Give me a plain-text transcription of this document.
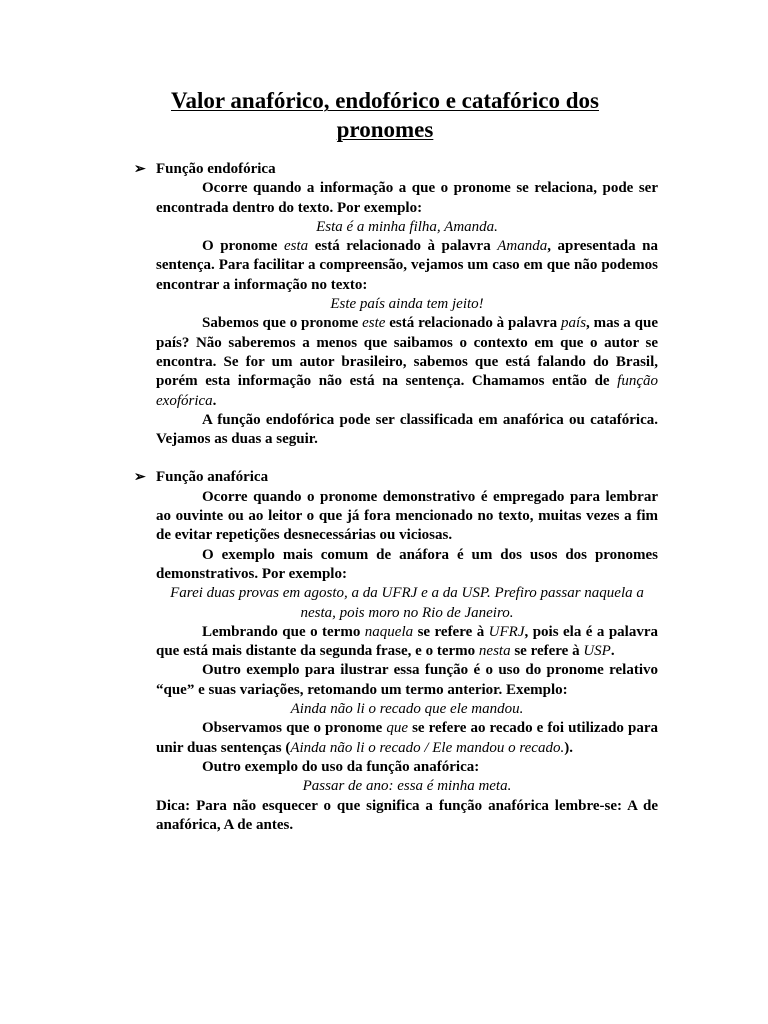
Valor anafórico, endofórico e catafórico dos pronomes
➢ Função endofórica

Ocorre quando a informação a que o pronome se relaciona, pode ser encontrada dentro do texto. Por exemplo:

Esta é a minha filha, Amanda.

O pronome esta está relacionado à palavra Amanda, apresentada na sentença. Para facilitar a compreensão, vejamos um caso em que não podemos encontrar a informação no texto:

Este país ainda tem jeito!

Sabemos que o pronome este está relacionado à palavra país, mas a que país? Não saberemos a menos que saibamos o contexto em que o autor se encontra. Se for um autor brasileiro, sabemos que está falando do Brasil, porém esta informação não está na sentença. Chamamos então de função exofórica.

A função endofórica pode ser classificada em anafórica ou catafórica. Vejamos as duas a seguir.

➢ Função anafórica

Ocorre quando o pronome demonstrativo é empregado para lembrar ao ouvinte ou ao leitor o que já fora mencionado no texto, muitas vezes a fim de evitar repetições desnecessárias ou viciosas.

O exemplo mais comum de anáfora é um dos usos dos pronomes demonstrativos. Por exemplo:

Farei duas provas em agosto, a da UFRJ e a da USP. Prefiro passar naquela a nesta, pois moro no Rio de Janeiro.

Lembrando que o termo naquela se refere à UFRJ, pois ela é a palavra que está mais distante da segunda frase, e o termo nesta se refere à USP.

Outro exemplo para ilustrar essa função é o uso do pronome relativo “que” e suas variações, retomando um termo anterior. Exemplo:

Ainda não li o recado que ele mandou.

Observamos que o pronome que se refere ao recado e foi utilizado para unir duas sentenças (Ainda não li o recado / Ele mandou o recado.).

Outro exemplo do uso da função anafórica:

Passar de ano: essa é minha meta.

Dica: Para não esquecer o que significa a função anafórica lembre-se: A de anafórica, A de antes.
